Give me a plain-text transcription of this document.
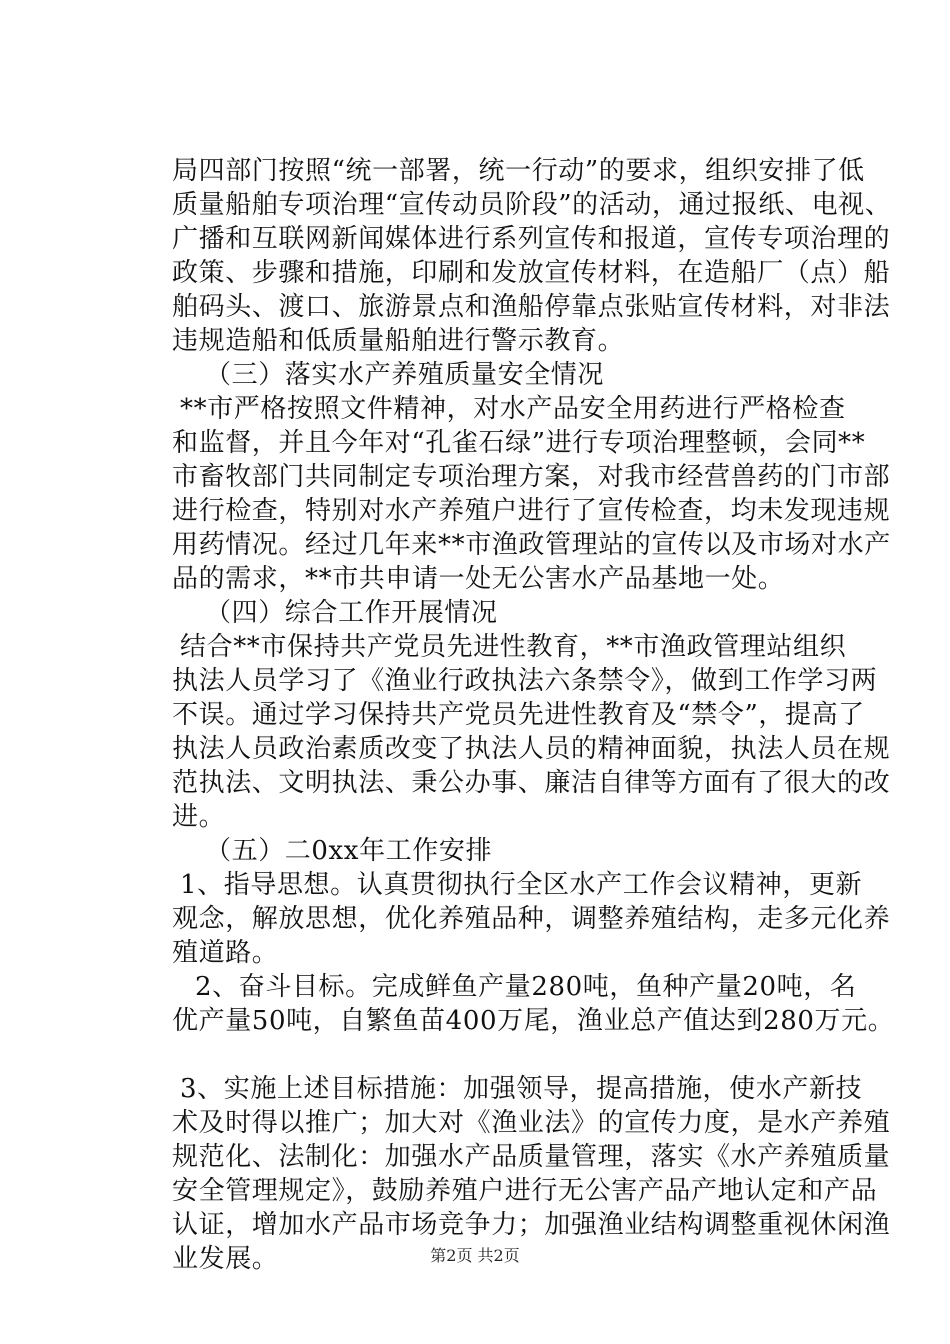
局四部门按照“统一部署，统一行动”的要求，组织安排了低
质量船舶专项治理“宣传动员阶段”的活动，通过报纸、电视、
广播和互联网新闻媒体进行系列宣传和报道，宣传专项治理的
政策、步骤和措施，印刷和发放宣传材料，在造船厂（点）船
舶码头、渡口、旅游景点和渔船停靠点张贴宣传材料，对非法
违规造船和低质量船舶进行警示教育。
（三）落实水产养殖质量安全情况
**市严格按照文件精神，对水产品安全用药进行严格检查
和监督，并且今年对“孔雀石绿”进行专项治理整顿，会同**
市畜牧部门共同制定专项治理方案，对我市经营兽药的门市部
进行检查，特别对水产养殖户进行了宣传检查，均未发现违规
用药情况。经过几年来**市渔政管理站的宣传以及市场对水产
品的需求，**市共申请一处无公害水产品基地一处。
（四）综合工作开展情况
结合**市保持共产党员先进性教育，**市渔政管理站组织
执法人员学习了《渔业行政执法六条禁令》，做到工作学习两
不误。通过学习保持共产党员先进性教育及“禁令”，提高了
执法人员政治素质改变了执法人员的精神面貌，执法人员在规
范执法、文明执法、秉公办事、廉洁自律等方面有了很大的改
进。
（五）二0xx年工作安排
1、指导思想。认真贯彻执行全区水产工作会议精神，更新
观念，解放思想，优化养殖品种，调整养殖结构，走多元化养
殖道路。
2、奋斗目标。完成鲜鱼产量280吨，鱼种产量20吨，名
优产量50吨，自繁鱼苗400万尾，渔业总产值达到280万元。
3、实施上述目标措施：加强领导，提高措施，使水产新技
术及时得以推广；加大对《渔业法》的宣传力度，是水产养殖
规范化、法制化：加强水产品质量管理，落实《水产养殖质量
安全管理规定》，鼓励养殖户进行无公害产品产地认定和产品
认证，增加水产品市场竞争力；加强渔业结构调整重视休闲渔
业发展。	第2页 共2页
